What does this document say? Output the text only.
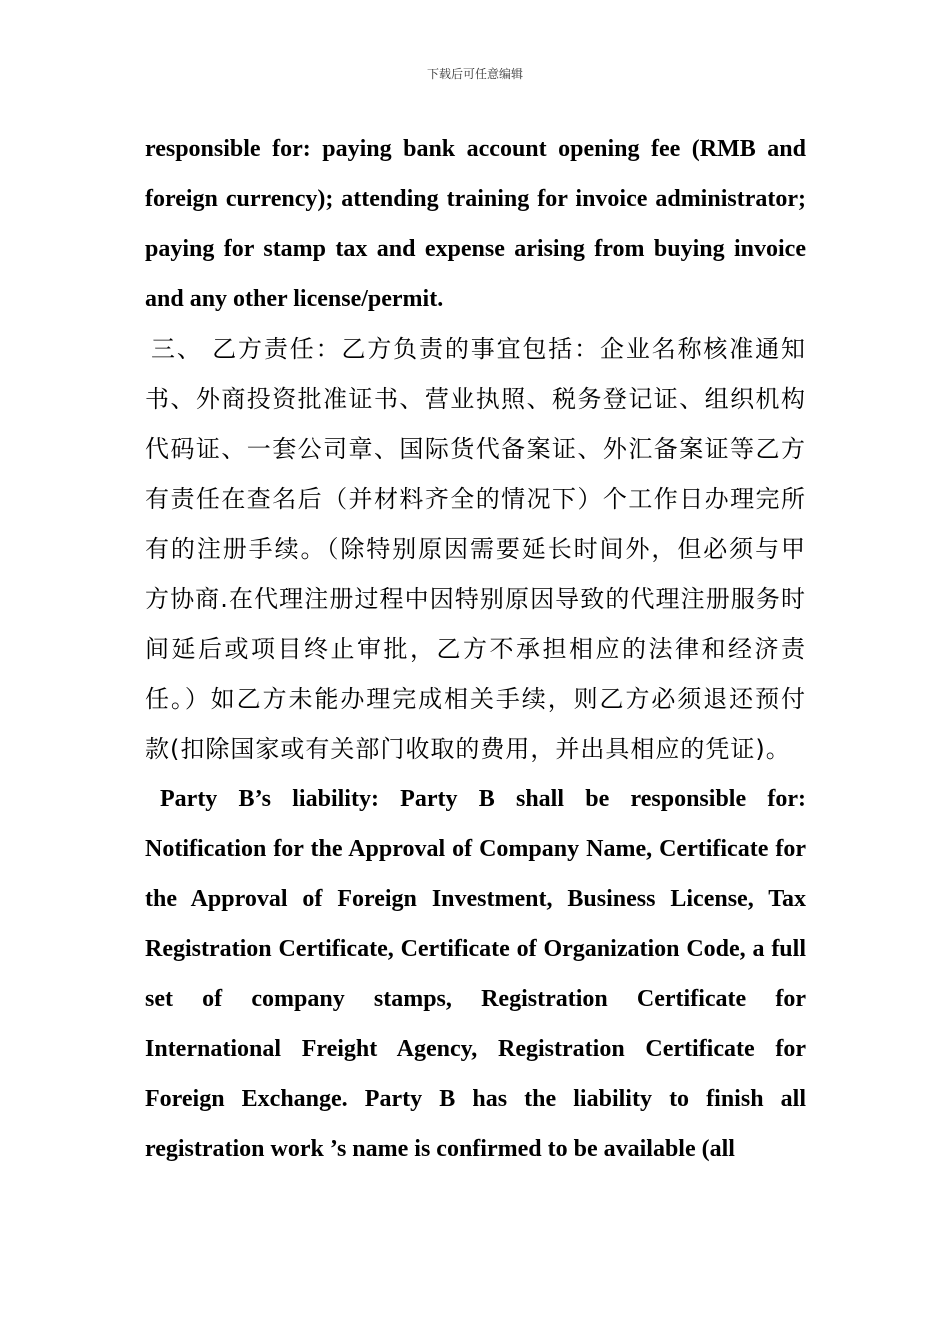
下载后可任意编辑

responsible for: paying bank account opening fee (RMB and foreign currency); attending training for invoice administrator; paying for stamp tax and expense arising from buying invoice and any other license/permit.

三、 乙方责任：乙方负责的事宜包括：企业名称核准通知书、外商投资批准证书、营业执照、税务登记证、组织机构代码证、一套公司章、国际货代备案证、外汇备案证等乙方有责任在查名后（并材料齐全的情况下）个工作日办理完所有的注册手续。（除特别原因需要延长时间外，但必须与甲方协商.在代理注册过程中因特别原因导致的代理注册服务时间延后或项目终止审批，乙方不承担相应的法律和经济责任。）如乙方未能办理完成相关手续，则乙方必须退还预付款(扣除国家或有关部门收取的费用，并出具相应的凭证)。

Party B’s liability: Party B shall be responsible for: Notification for the Approval of Company Name, Certificate for the Approval of Foreign Investment, Business License, Tax Registration Certificate, Certificate of Organization Code, a full set of company stamps, Registration Certificate for International Freight Agency, Registration Certificate for Foreign Exchange. Party B has the liability to finish all registration work ’s name is confirmed to be available (all
